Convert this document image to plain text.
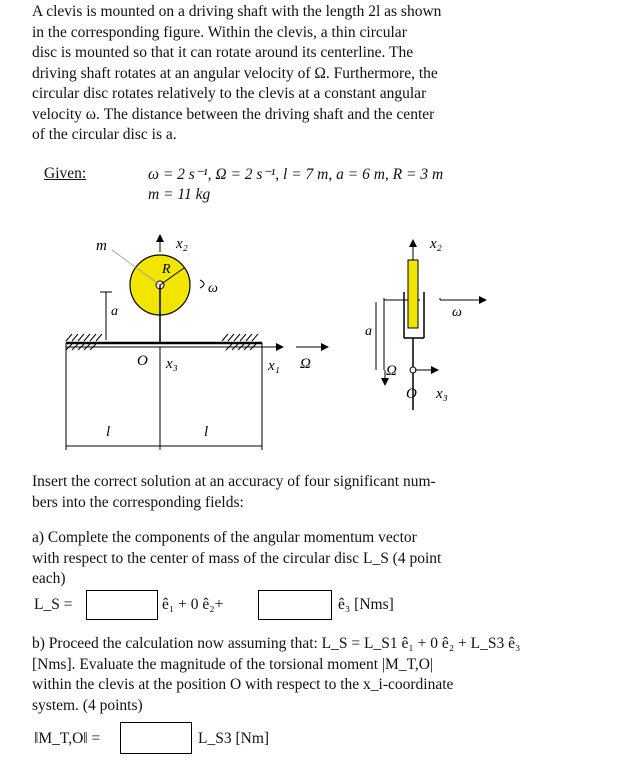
A clevis is mounted on a driving shaft with the length 2l as shown
in the corresponding figure. Within the clevis, a thin circular
disc is mounted so that it can rotate around its centerline. The
driving shaft rotates at an angular velocity of Ω. Furthermore, the
circular disc rotates relatively to the clevis at a constant angular
velocity ω. The distance between the driving shaft and the center
of the circular disc is a.
Given:	ω = 2 s⁻¹, Ω = 2 s⁻¹, l = 7 m, a = 6 m, R = 3 m
m = 11 kg
x₂
m
R
ω
a
O x₃	x₁ Ω
l	l
x₂
ω
a
Ω
O x₃
Insert the correct solution at an accuracy of four significant num-
bers into the corresponding fields:
a) Complete the components of the angular momentum vector
with respect to the center of mass of the circular disc L_S (4 point
each)
L_S =	ê₁ + 0 ê₂+	ê₃ [Nms]
b) Proceed the calculation now assuming that: L_S = L_S1 ê₁ + 0 ê₂ + L_S3 ê₃
[Nms]. Evaluate the magnitude of the torsional moment |M_T,O|
within the clevis at the position O with respect to the x_i-coordinate
system. (4 points)
‖M_T,O‖ =	L_S3 [Nm]
